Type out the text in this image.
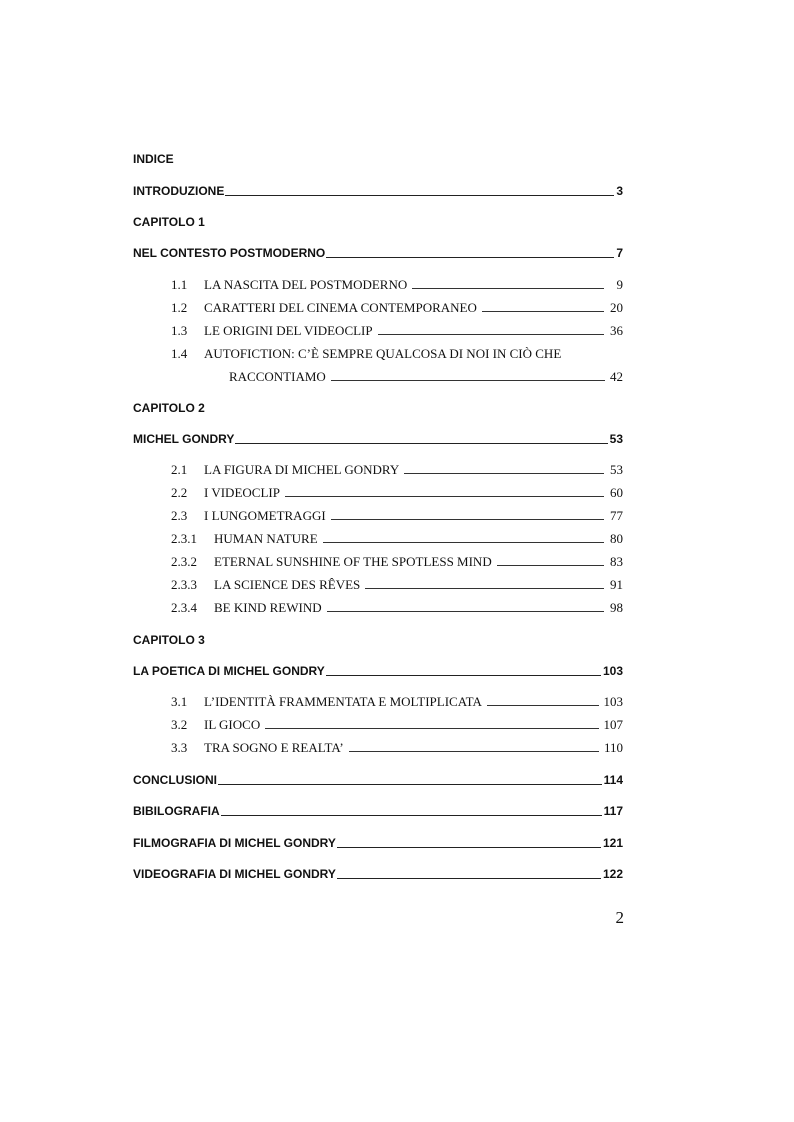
INDICE
INTRODUZIONE	3
CAPITOLO 1
NEL CONTESTO POSTMODERNO	7
1.1	LA NASCITA DEL POSTMODERNO	9
1.2	CARATTERI DEL CINEMA CONTEMPORANEO	20
1.3	LE ORIGINI DEL VIDEOCLIP	36
1.4	AUTOFICTION: C’È SEMPRE QUALCOSA DI NOI IN CIÒ CHE
RACCONTIAMO	42
CAPITOLO 2
MICHEL GONDRY	53
2.1	LA FIGURA DI MICHEL GONDRY	53
2.2	I VIDEOCLIP	60
2.3	I LUNGOMETRAGGI	77
2.3.1	HUMAN NATURE	80
2.3.2	ETERNAL SUNSHINE OF THE SPOTLESS MIND	83
2.3.3	LA SCIENCE DES RÊVES	91
2.3.4	BE KIND REWIND	98
CAPITOLO 3
LA POETICA DI MICHEL GONDRY	103
3.1	L’IDENTITÀ FRAMMENTATA E MOLTIPLICATA	103
3.2	IL GIOCO	107
3.3	TRA SOGNO E REALTA’	110
CONCLUSIONI	114
BIBILOGRAFIA	117
FILMOGRAFIA DI MICHEL GONDRY	121
VIDEOGRAFIA DI MICHEL GONDRY	122
2
